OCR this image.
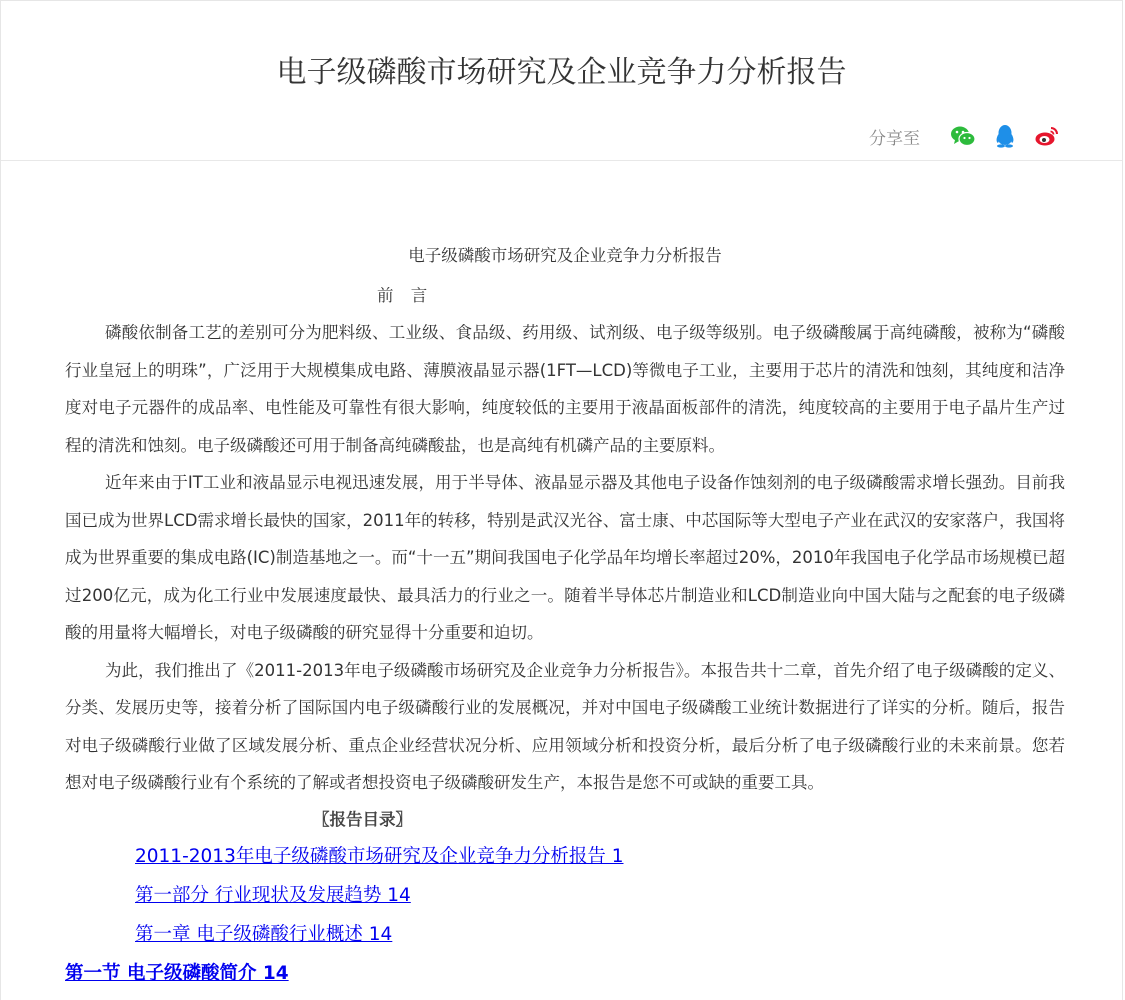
电子级磷酸市场研究及企业竞争力分析报告
分享至
电子级磷酸市场研究及企业竞争力分析报告
前 言

磷酸依制备工艺的差别可分为肥料级、工业级、食品级、药用级、试剂级、电子级等级别。电子级磷酸属于高纯磷酸，被称为“磷酸行业皇冠上的明珠”，广泛用于大规模集成电路、薄膜液晶显示器(1FT—LCD)等微电子工业，主要用于芯片的清洗和蚀刻，其纯度和洁净度对电子元器件的成品率、电性能及可靠性有很大影响，纯度较低的主要用于液晶面板部件的清洗，纯度较高的主要用于电子晶片生产过程的清洗和蚀刻。电子级磷酸还可用于制备高纯磷酸盐，也是高纯有机磷产品的主要原料。

近年来由于IT工业和液晶显示电视迅速发展，用于半导体、液晶显示器及其他电子设备作蚀刻剂的电子级磷酸需求增长强劲。目前我国已成为世界LCD需求增长最快的国家，2011年的转移，特别是武汉光谷、富士康、中芯国际等大型电子产业在武汉的安家落户，我国将成为世界重要的集成电路(IC)制造基地之一。而“十一五”期间我国电子化学品年均增长率超过20%，2010年我国电子化学品市场规模已超过200亿元，成为化工行业中发展速度最快、最具活力的行业之一。随着半导体芯片制造业和LCD制造业向中国大陆与之配套的电子级磷酸的用量将大幅增长，对电子级磷酸的研究显得十分重要和迫切。

为此，我们推出了《2011-2013年电子级磷酸市场研究及企业竞争力分析报告》。本报告共十二章，首先介绍了电子级磷酸的定义、分类、发展历史等，接着分析了国际国内电子级磷酸行业的发展概况，并对中国电子级磷酸工业统计数据进行了详实的分析。随后，报告对电子级磷酸行业做了区域发展分析、重点企业经营状况分析、应用领域分析和投资分析，最后分析了电子级磷酸行业的未来前景。您若想对电子级磷酸行业有个系统的了解或者想投资电子级磷酸研发生产，本报告是您不可或缺的重要工具。

〖报告目录〗
2011-2013年电子级磷酸市场研究及企业竞争力分析报告 1
第一部分 行业现状及发展趋势 14
第一章 电子级磷酸行业概述 14
第一节 电子级磷酸简介 14
